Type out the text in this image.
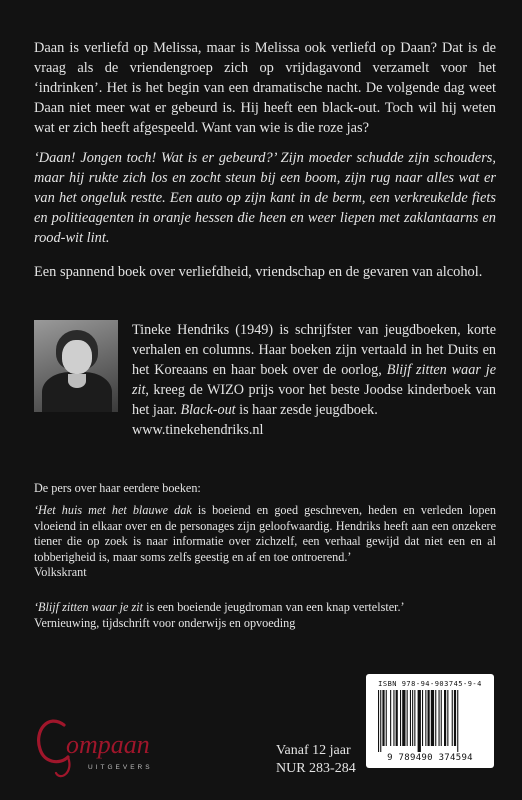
Daan is verliefd op Melissa, maar is Melissa ook verliefd op Daan? Dat is de vraag als de vriendengroep zich op vrijdagavond verzamelt voor het ‘indrinken’. Het is het begin van een dramatische nacht. De volgende dag weet Daan niet meer wat er gebeurd is. Hij heeft een black-out. Toch wil hij weten wat er zich heeft afgespeeld. Want van wie is die roze jas?

‘Daan! Jongen toch! Wat is er gebeurd?’ Zijn moeder schudde zijn schouders, maar hij rukte zich los en zocht steun bij een boom, zijn rug naar alles wat er van het ongeluk restte. Een auto op zijn kant in de berm, een verkreukelde fiets en politieagenten in oranje hessen die heen en weer liepen met zaklantaarns en rood-wit lint.

Een spannend boek over verliefdheid, vriendschap en de gevaren van alcohol.

Tineke Hendriks (1949) is schrijfster van jeugdboeken, korte verhalen en columns. Haar boeken zijn vertaald in het Duits en het Koreaans en haar boek over de oorlog, Blijf zitten waar je zit, kreeg de WIZO prijs voor het beste Joodse kinderboek van het jaar. Black-out is haar zesde jeugdboek.
www.tinekehendriks.nl

De pers over haar eerdere boeken:

‘Het huis met het blauwe dak is boeiend en goed geschreven, heden en verleden lopen vloeiend in elkaar over en de personages zijn geloofwaardig. Hendriks heeft aan een onzekere tiener die op zoek is naar informatie over zichzelf, een verhaal gewijd dat niet een en al tobberigheid is, maar soms zelfs geestig en af en toe ontroerend.’

Volkskrant

‘Blijf zitten waar je zit is een boeiende jeugdroman van een knap vertelster.’

Vernieuwing, tijdschrift voor onderwijs en opvoeding
ompaan
UITGEVERS
Vanaf 12 jaar
NUR 283-284
ISBN 978-94-903745-9-4
9 789490 374594
